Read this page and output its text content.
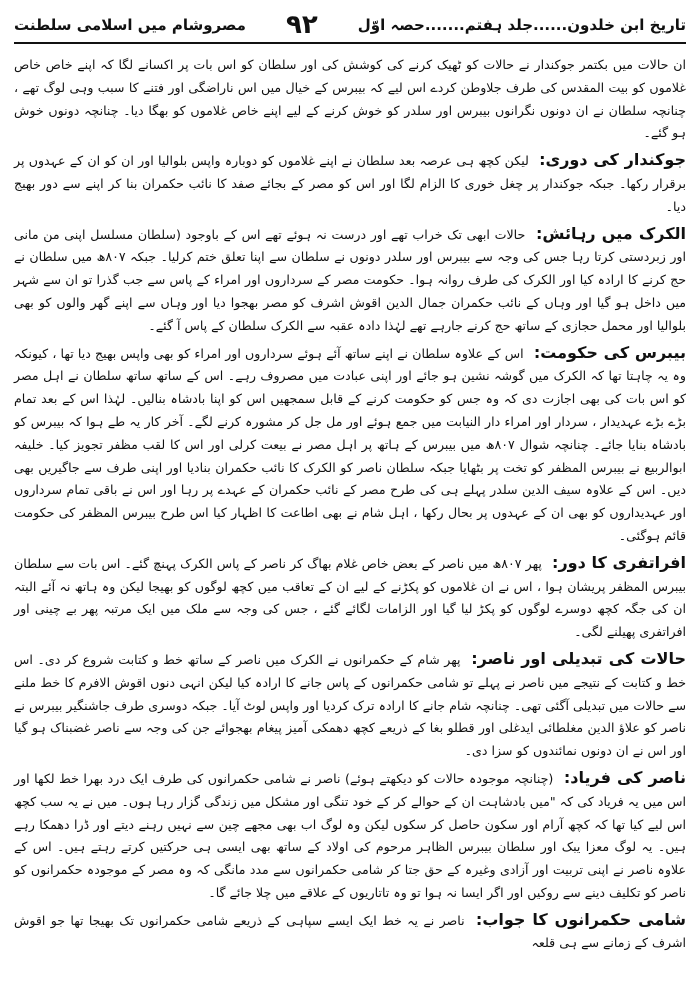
تاریخ ابن خلدون......جلد ہفتم.......حصہ اوّل
۹۲
مصروشام میں اسلامی سلطنت

ان حالات میں بکتمر جوکندار نے حالات کو ٹھیک کرنے کی کوشش کی اور سلطان کو اس بات پر اکسانے لگا کہ اپنے خاص خاص غلاموں کو بیت المقدس کی طرف جلاوطن کردے اس لیے کہ بیبرس کے خیال میں اس ناراضگی اور فتنے کا سبب وہی لوگ تھے ، چنانچہ سلطان نے ان دونوں نگرانوں بیبرس اور سلدر کو خوش کرنے کے لیے اپنے خاص غلاموں کو بھگا دیا۔ چنانچہ دونوں خوش ہو گئے۔

جوکندار کی دوری: لیکن کچھ ہی عرصہ بعد سلطان نے اپنے غلاموں کو دوبارہ واپس بلوالیا اور ان کو ان کے عہدوں پر برقرار رکھا۔ جبکہ جوکندار پر چغل خوری کا الزام لگا اور اس کو مصر کے بجائے صفد کا نائب حکمران بنا کر اپنے سے دور بھیج دیا۔

الکرک میں رہائش: حالات ابھی تک خراب تھے اور درست نہ ہوئے تھے اس کے باوجود (سلطان مسلسل اپنی من مانی اور زبردستی کرتا رہا جس کی وجہ سے بیبرس اور سلدر دونوں نے سلطان سے اپنا تعلق ختم کرلیا۔ جبکہ ۸۰۷ھ میں سلطان نے حج کرنے کا ارادہ کیا اور الکرک کی طرف روانہ ہوا۔ حکومت مصر کے سرداروں اور امراء کے پاس سے جب گذرا تو ان سے شہر میں داخل ہو گیا اور وہاں کے نائب حکمران جمال الدین اقوش اشرف کو مصر بھجوا دیا اور وہاں سے اپنے گھر والوں کو بھی بلوالیا اور محمل حجازی کے ساتھ حج کرنے جارہے تھے لہٰذا دادہ عقبہ سے الکرک سلطان کے پاس آ گئے۔

بیبرس کی حکومت: اس کے علاوہ سلطان نے اپنے ساتھ آئے ہوئے سرداروں اور امراء کو بھی واپس بھیج دیا تھا ، کیونکہ وہ یہ چاہتا تھا کہ الکرک میں گوشہ نشین ہو جائے اور اپنی عبادت میں مصروف رہے۔ اس کے ساتھ ساتھ سلطان نے اہل مصر کو اس بات کی بھی اجازت دی کہ وہ جس کو حکومت کرنے کے قابل سمجھیں اس کو اپنا بادشاہ بنالیں۔ لہٰذا اس کے بعد تمام بڑے بڑے عہدیدار ، سردار اور امراء دار النیابت میں جمع ہوئے اور مل جل کر مشورہ کرنے لگے۔ آخر کار یہ طے ہوا کہ بیبرس کو بادشاہ بنایا جائے۔ چنانچہ شوال ۸۰۷ھ میں بیبرس کے ہاتھ پر اہل مصر نے بیعت کرلی اور اس کا لقب مظفر تجویز کیا۔ خلیفہ ابوالربیع نے بیبرس المظفر کو تخت پر بٹھایا جبکہ سلطان ناصر کو الکرک کا نائب حکمران بنادیا اور اپنی طرف سے جاگیریں بھی دیں۔ اس کے علاوہ سیف الدین سلدر پہلے ہی کی طرح مصر کے نائب حکمران کے عہدے پر رہا اور اس نے باقی تمام سرداروں اور عہدیداروں کو بھی ان کے عہدوں پر بحال رکھا ، اہل شام نے بھی اطاعت کا اظہار کیا اس طرح بیبرس المظفر کی حکومت قائم ہوگئی۔

افراتفری کا دور: پھر ۸۰۷ھ میں ناصر کے بعض خاص غلام بھاگ کر ناصر کے پاس الکرک پہنچ گئے۔ اس بات سے سلطان بیبرس المظفر پریشان ہوا ، اس نے ان غلاموں کو پکڑنے کے لیے ان کے تعاقب میں کچھ لوگوں کو بھیجا لیکن وہ ہاتھ نہ آئے البتہ ان کی جگہ کچھ دوسرے لوگوں کو پکڑ لیا گیا اور الزامات لگائے گئے ، جس کی وجہ سے ملک میں ایک مرتبہ پھر بے چینی اور افراتفری پھیلنے لگی۔

حالات کی تبدیلی اور ناصر: پھر شام کے حکمرانوں نے الکرک میں ناصر کے ساتھ خط و کتابت شروع کر دی۔ اس خط و کتابت کے نتیجے میں ناصر نے پہلے تو شامی حکمرانوں کے پاس جانے کا ارادہ کیا لیکن انہی دنوں اقوش الافرم کا خط ملنے سے حالات میں تبدیلی آگئی تھی۔ چنانچہ شام جانے کا ارادہ ترک کردیا اور واپس لوٹ آیا۔ جبکہ دوسری طرف جاشنگیر بیبرس نے ناصر کو علاؤ الدین مغلطائی ایدغلی اور قطلو بغا کے ذریعے کچھ دھمکی آمیز پیغام بھجوائے جن کی وجہ سے ناصر غضبناک ہو گیا اور اس نے ان دونوں نمائندوں کو سزا دی۔

ناصر کی فریاد: (چنانچہ موجودہ حالات کو دیکھتے ہوئے) ناصر نے شامی حکمرانوں کی طرف ایک درد بھرا خط لکھا اور اس میں یہ فریاد کی کہ "میں بادشاہت ان کے حوالے کر کے خود تنگی اور مشکل میں زندگی گزار رہا ہوں۔ میں نے یہ سب کچھ اس لیے کیا تھا کہ کچھ آرام اور سکون حاصل کر سکوں لیکن وہ لوگ اب بھی مجھے چین سے نہیں رہنے دیتے اور ڈرا دھمکا رہے ہیں۔ یہ لوگ معزا یبک اور سلطان بیبرس الظاہر مرحوم کی اولاد کے ساتھ بھی ایسی ہی حرکتیں کرتے رہتے ہیں۔ اس کے علاوہ ناصر نے اپنی تربیت اور آزادی وغیرہ کے حق جتا کر شامی حکمرانوں سے مدد مانگی کہ وہ مصر کے موجودہ حکمرانوں کو ناصر کو تکلیف دینے سے روکیں اور اگر ایسا نہ ہوا تو وہ تاتاریوں کے علاقے میں چلا جائے گا۔

شامی حکمرانوں کا جواب: ناصر نے یہ خط ایک ایسے سپاہی کے ذریعے شامی حکمرانوں تک بھیجا تھا جو اقوش اشرف کے زمانے سے ہی قلعہ
